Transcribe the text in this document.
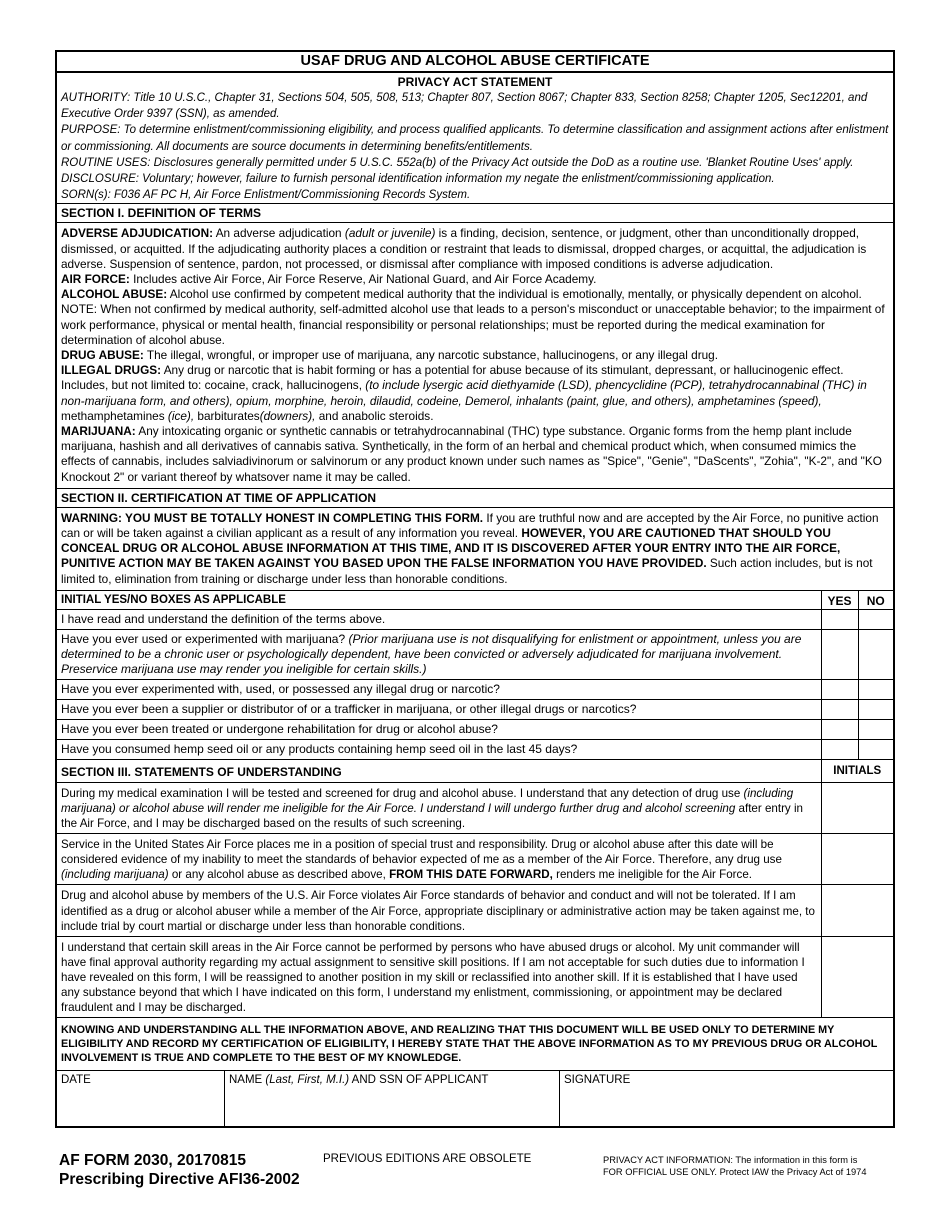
USAF DRUG AND ALCOHOL ABUSE CERTIFICATE
PRIVACY ACT STATEMENT
AUTHORITY: Title 10 U.S.C., Chapter 31, Sections 504, 505, 508, 513; Chapter 807, Section 8067; Chapter 833, Section 8258; Chapter 1205, Sec12201, and Executive Order 9397 (SSN), as amended.
PURPOSE: To determine enlistment/commissioning eligibility, and process qualified applicants. To determine classification and assignment actions after enlistment or commissioning. All documents are source documents in determining benefits/entitlements.
ROUTINE USES: Disclosures generally permitted under 5 U.S.C. 552a(b) of the Privacy Act outside the DoD as a routine use. 'Blanket Routine Uses' apply.
DISCLOSURE: Voluntary; however, failure to furnish personal identification information my negate the enlistment/commissioning application.
SORN(s): F036 AF PC H, Air Force Enlistment/Commissioning Records System.
SECTION I. DEFINITION OF TERMS
ADVERSE ADJUDICATION: An adverse adjudication (adult or juvenile) is a finding, decision, sentence, or judgment, other than unconditionally dropped, dismissed, or acquitted. If the adjudicating authority places a condition or restraint that leads to dismissal, dropped charges, or acquittal, the adjudication is adverse. Suspension of sentence, pardon, not processed, or dismissal after compliance with imposed conditions is adverse adjudication.
AIR FORCE: Includes active Air Force, Air Force Reserve, Air National Guard, and Air Force Academy.
ALCOHOL ABUSE: Alcohol use confirmed by competent medical authority that the individual is emotionally, mentally, or physically dependent on alcohol. NOTE: When not confirmed by medical authority, self-admitted alcohol use that leads to a person's misconduct or unacceptable behavior; to the impairment of work performance, physical or mental health, financial responsibility or personal relationships; must be reported during the medical examination for determination of alcohol abuse.
DRUG ABUSE: The illegal, wrongful, or improper use of marijuana, any narcotic substance, hallucinogens, or any illegal drug.
ILLEGAL DRUGS: Any drug or narcotic that is habit forming or has a potential for abuse because of its stimulant, depressant, or hallucinogenic effect. Includes, but not limited to: cocaine, crack, hallucinogens, (to include lysergic acid diethyamide (LSD), phencyclidine (PCP), tetrahydrocannabinal (THC) in non-marijuana form, and others), opium, morphine, heroin, dilaudid, codeine, Demerol, inhalants (paint, glue, and others), amphetamines (speed), methamphetamines (ice), barbiturates(downers), and anabolic steroids.
MARIJUANA: Any intoxicating organic or synthetic cannabis or tetrahydrocannabinal (THC) type substance. Organic forms from the hemp plant include marijuana, hashish and all derivatives of cannabis sativa. Synthetically, in the form of an herbal and chemical product which, when consumed mimics the effects of cannabis, includes salviadivinorum or salvinorum or any product known under such names as "Spice", "Genie", "DaScents", "Zohia", "K-2", and "KO Knockout 2" or variant thereof by whatsover name it may be called.
SECTION II. CERTIFICATION AT TIME OF APPLICATION
WARNING: YOU MUST BE TOTALLY HONEST IN COMPLETING THIS FORM. If you are truthful now and are accepted by the Air Force, no punitive action can or will be taken against a civilian applicant as a result of any information you reveal. HOWEVER, YOU ARE CAUTIONED THAT SHOULD YOU CONCEAL DRUG OR ALCOHOL ABUSE INFORMATION AT THIS TIME, AND IT IS DISCOVERED AFTER YOUR ENTRY INTO THE AIR FORCE, PUNITIVE ACTION MAY BE TAKEN AGAINST YOU BASED UPON THE FALSE INFORMATION YOU HAVE PROVIDED. Such action includes, but is not limited to, elimination from training or discharge under less than honorable conditions.
INITIAL YES/NO BOXES AS APPLICABLE	YES	NO
I have read and understand the definition of the terms above.		
Have you ever used or experimented with marijuana? (Prior marijuana use is not disqualifying for enlistment or appointment, unless you are determined to be a chronic user or psychologically dependent, have been convicted or adversely adjudicated for marijuana involvement. Preservice marijuana use may render you ineligible for certain skills.)		
Have you ever experimented with, used, or possessed any illegal drug or narcotic?		
Have you ever been a supplier or distributor of or a trafficker in marijuana, or other illegal drugs or narcotics?		
Have you ever been treated or undergone rehabilitation for drug or alcohol abuse?		
Have you consumed hemp seed oil or any products containing hemp seed oil in the last 45 days?		
SECTION III. STATEMENTS OF UNDERSTANDING	INITIALS
During my medical examination I will be tested and screened for drug and alcohol abuse. I understand that any detection of drug use (including marijuana) or alcohol abuse will render me ineligible for the Air Force. I understand I will undergo further drug and alcohol screening after entry in the Air Force, and I may be discharged based on the results of such screening.	
Service in the United States Air Force places me in a position of special trust and responsibility. Drug or alcohol abuse after this date will be considered evidence of my inability to meet the standards of behavior expected of me as a member of the Air Force. Therefore, any drug use (including marijuana) or any alcohol abuse as described above, FROM THIS DATE FORWARD, renders me ineligible for the Air Force.	
Drug and alcohol abuse by members of the U.S. Air Force violates Air Force standards of behavior and conduct and will not be tolerated. If I am identified as a drug or alcohol abuser while a member of the Air Force, appropriate disciplinary or administrative action may be taken against me, to include trial by court martial or discharge under less than honorable conditions.	
I understand that certain skill areas in the Air Force cannot be performed by persons who have abused drugs or alcohol. My unit commander will have final approval authority regarding my actual assignment to sensitive skill positions. If I am not acceptable for such duties due to information I have revealed on this form, I will be reassigned to another position in my skill or reclassified into another skill. If it is established that I have used any substance beyond that which I have indicated on this form, I understand my enlistment, commissioning, or appointment may be declared fraudulent and I may be discharged.	
KNOWING AND UNDERSTANDING ALL THE INFORMATION ABOVE, AND REALIZING THAT THIS DOCUMENT WILL BE USED ONLY TO DETERMINE MY ELIGIBILITY AND RECORD MY CERTIFICATION OF ELIGIBILITY, I HEREBY STATE THAT THE ABOVE INFORMATION AS TO MY PREVIOUS DRUG OR ALCOHOL INVOLVEMENT IS TRUE AND COMPLETE TO THE BEST OF MY KNOWLEDGE.
DATE	NAME (Last, First, M.I.) AND SSN OF APPLICANT	SIGNATURE
AF FORM 2030, 20170815
Prescribing Directive AFI36-2002
PREVIOUS EDITIONS ARE OBSOLETE	PRIVACY ACT INFORMATION: The information in this form is
FOR OFFICIAL USE ONLY. Protect IAW the Privacy Act of 1974
